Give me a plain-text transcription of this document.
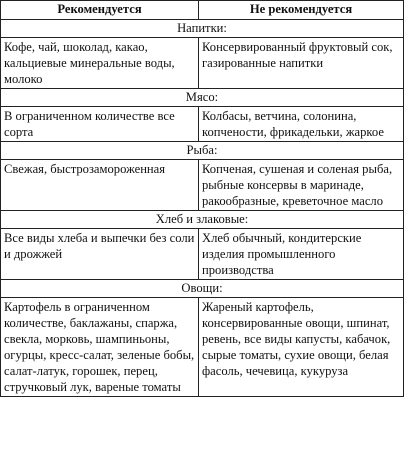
Рекомендуется	Не рекомендуется
Напитки:	
Кофе, чай, шоколад, какао, кальциевые минеральные воды, молоко	Консервированный фруктовый сок, газированные напитки
Мясо:	
В ограниченном количестве все сорта	Колбасы, ветчина, солонина, копчености, фрикадельки, жаркое
Рыба:	
Свежая, быстрозамороженная	Копченая, сушеная и соленая рыба, рыбные консервы в маринаде, ракообразные, креветочное масло
Хлеб и злаковые:	
Все виды хлеба и выпечки без соли и дрожжей	Хлеб обычный, кондитерские изделия промышленного производства
Овощи:	
Картофель в ограниченном количестве, баклажаны, спаржа, свекла, морковь, шампиньоны, огурцы, кресс-салат, зеленые бобы, салат-латук, горошек, перец, стручковый лук, вареные томаты	Жареный картофель, консервированные овощи, шпинат, ревень, все виды капусты, кабачок, сырые томаты, сухие овощи, белая фасоль, чечевица, кукуруза
